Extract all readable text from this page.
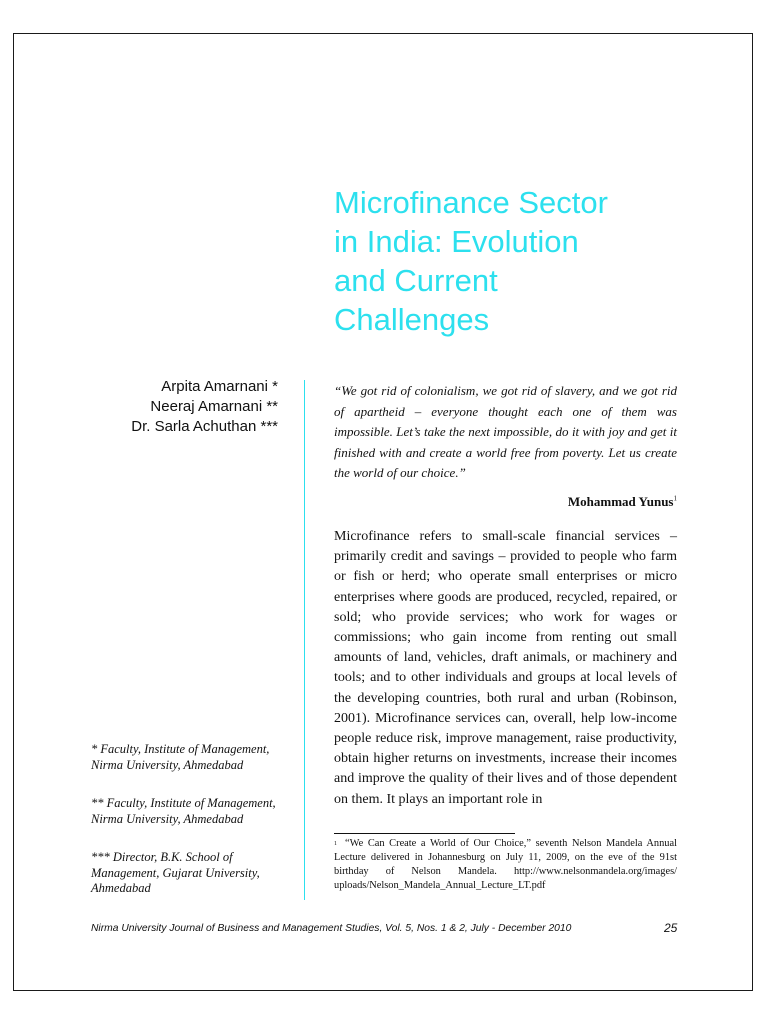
Microfinance Sector
in India: Evolution
and Current
Challenges
Arpita Amarnani *
Neeraj Amarnani **
Dr. Sarla Achuthan ***

“We got rid of colonialism, we got rid of slavery, and we got rid of apartheid – everyone thought each one of them was impossible. Let’s take the next impossible, do it with joy and get it finished with and create a world free from poverty. Let us create the world of our choice.”

Mohammad Yunus$^1$

Microfinance refers to small-scale financial services – primarily credit and savings – provided to people who farm or fish or herd; who operate small enterprises or micro enterprises where goods are produced, recycled, repaired, or sold; who provide services; who work for wages or commissions; who gain income from renting out small amounts of land, vehicles, draft animals, or machinery and tools; and to other individuals and groups at local levels of the developing countries, both rural and urban (Robinson, 2001). Microfinance services can, overall, help low-income people reduce risk, improve management, raise productivity, obtain higher returns on investments, increase their incomes and improve the quality of their lives and of those dependent on them. It plays an important role in

$^1$ “We Can Create a World of Our Choice,” seventh Nelson Mandela Annual Lecture delivered in Johannesburg on July 11, 2009, on the eve of the 91st birthday of Nelson Mandela. http://www.nelsonmandela.org/images/ uploads/Nelson_Mandela_Annual_Lecture_LT.pdf

* Faculty, Institute of Management, Nirma University, Ahmedabad

** Faculty, Institute of Management, Nirma University, Ahmedabad

*** Director, B.K. School of Management, Gujarat University, Ahmedabad

Nirma University Journal of Business and Management Studies, Vol. 5, Nos. 1 & 2, July - December 2010	25
